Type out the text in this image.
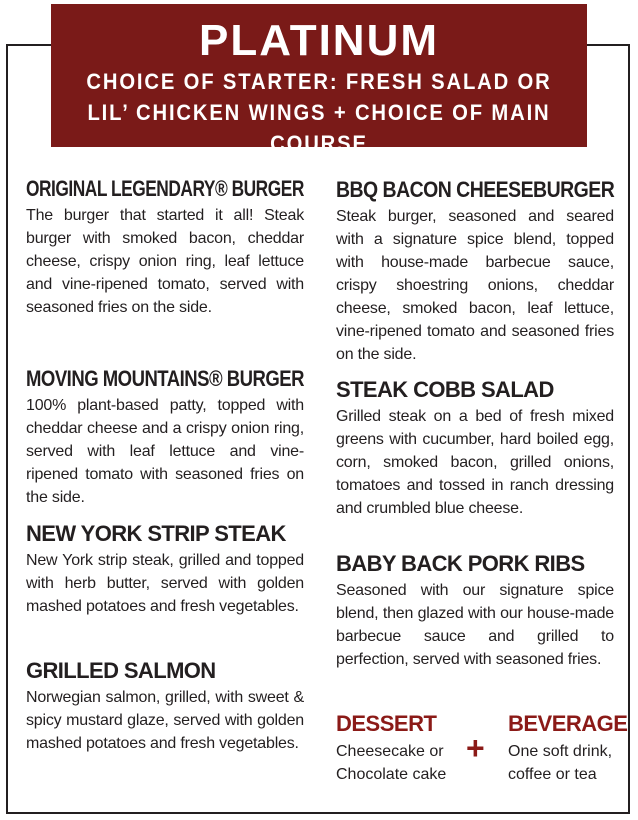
PLATINUM
CHOICE OF STARTER: FRESH SALAD OR
LIL’ CHICKEN WINGS + CHOICE OF MAIN COURSE
ORIGINAL LEGENDARY® BURGER

The burger that started it all! Steak burger with smoked bacon, cheddar cheese, crispy onion ring, leaf lettuce and vine-ripened tomato, served with seasoned fries on the side.

MOVING MOUNTAINS® BURGER

100% plant-based patty, topped with cheddar cheese and a crispy onion ring, served with leaf lettuce and vine-ripened tomato with seasoned fries on the side.

NEW YORK STRIP STEAK

New York strip steak, grilled and topped with herb butter, served with golden mashed potatoes and fresh vegetables.

GRILLED SALMON

Norwegian salmon, grilled, with sweet & spicy mustard glaze, served with golden mashed potatoes and fresh vegetables.

BBQ BACON CHEESEBURGER

Steak burger, seasoned and seared with a signature spice blend, topped with house-made barbecue sauce, crispy shoestring onions, cheddar cheese, smoked bacon, leaf lettuce, vine-ripened tomato and seasoned fries on the side.

STEAK COBB SALAD

Grilled steak on a bed of fresh mixed greens with cucumber, hard boiled egg, corn, smoked bacon, grilled onions, tomatoes and tossed in ranch dressing and crumbled blue cheese.

BABY BACK PORK RIBS

Seasoned with our signature spice blend, then glazed with our house-made barbecue sauce and grilled to perfection, served with seasoned fries.

DESSERT

Cheesecake or
Chocolate cake

+
BEVERAGE

One soft drink,
coffee or tea
